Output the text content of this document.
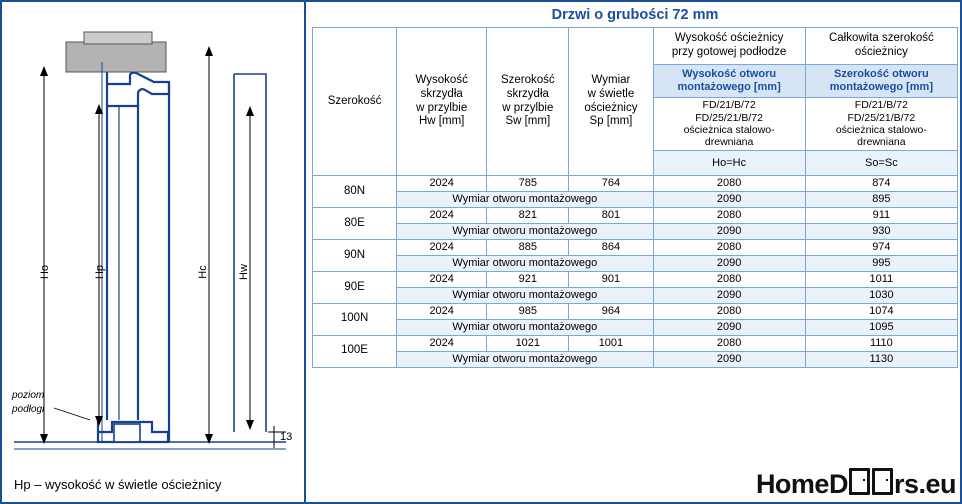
Ho	Hp	Hc	Hw
13
poziom
podłogi
Hp – wysokość w świetle ościeżnicy
Drzwi o grubości 72 mm
Szerokość	
Wysokość
skrzydła
w przylbie
Hw [mm]

Szerokość
skrzydła
w przylbie
Sw [mm]

Wymiar
w świetle
ościeżnicy
Sp [mm]

Wysokość ościeżnicy
przy gotowej podłodze

Całkowita szerokość
ościeżnicy

Wysokość otworu
montażowego [mm]

Szerokość otworu
montażowego [mm]

FD/21/B/72
FD/25/21/B/72
ościeżnica stalowo-
drewniana

FD/21/B/72
FD/25/21/B/72
ościeżnica stalowo-
drewniana

				Ho=Hc	So=Sc
80N	2024	785	764	2080	874
	Wymiar otworu montażowego			2090	895
80E	2024	821	801	2080	911
	Wymiar otworu montażowego			2090	930
90N	2024	885	864	2080	974
	Wymiar otworu montażowego			2090	995
90E	2024	921	901	2080	1011
	Wymiar otworu montażowego			2090	1030
100N	2024	985	964	2080	1074
	Wymiar otworu montażowego			2090	1095
100E	2024	1021	1001	2080	1110
	Wymiar otworu montażowego			2090	1130
HomeD rs.eu
